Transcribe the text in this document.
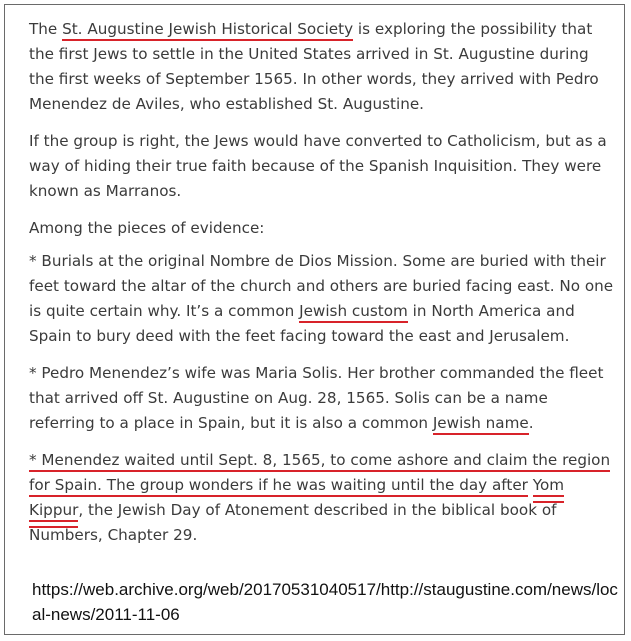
The St. Augustine Jewish Historical Society is exploring the possibility that the first Jews to settle in the United States arrived in St. Augustine during the first weeks of September 1565. In other words, they arrived with Pedro Menendez de Aviles, who established St. Augustine.

If the group is right, the Jews would have converted to Catholicism, but as a way of hiding their true faith because of the Spanish Inquisition. They were known as Marranos.

Among the pieces of evidence:

* Burials at the original Nombre de Dios Mission. Some are buried with their feet toward the altar of the church and others are buried facing east. No one is quite certain why. It’s a common Jewish custom in North America and Spain to bury deed with the feet facing toward the east and Jerusalem.

* Pedro Menendez’s wife was Maria Solis. Her brother commanded the fleet that arrived off St. Augustine on Aug. 28, 1565. Solis can be a name referring to a place in Spain, but it is also a common Jewish name.

* Menendez waited until Sept. 8, 1565, to come ashore and claim the region for Spain. The group wonders if he was waiting until the day after Yom Kippur, the Jewish Day of Atonement described in the biblical book of Numbers, Chapter 29.

https://web.archive.org/web/20170531040517/http://staugustine.com/news/local-news/2011-11-06
